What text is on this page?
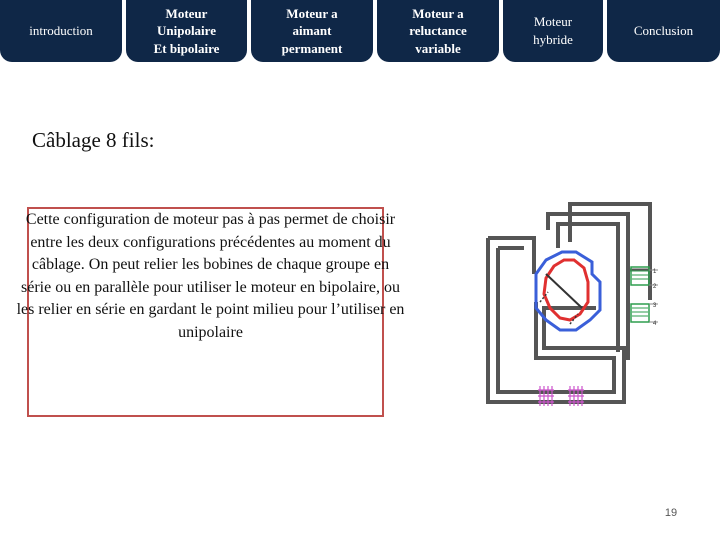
introduction
Moteur
Unipolaire
Et bipolaire
Moteur a
aimant
permanent
Moteur a
reluctance
variable
Moteur
hybride
Conclusion
Câblage 8 fils:

Cette configuration de moteur pas à pas permet de choisir entre les deux configurations précédentes au moment du câblage. On peut relier les bobines de chaque groupe en série ou en parallèle pour utiliser le moteur en bipolaire, ou les relier en série en gardant le point milieu pour l’utiliser en unipolaire

1
2
3
4
19
